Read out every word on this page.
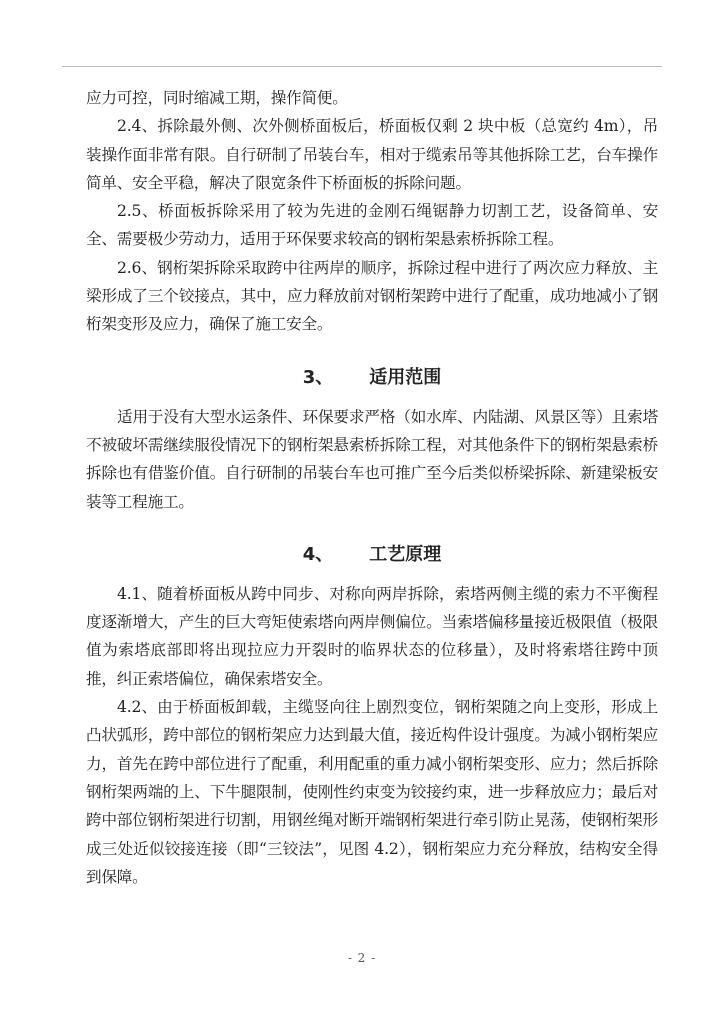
应力可控，同时缩减工期，操作简便。

2.4、拆除最外侧、次外侧桥面板后，桥面板仅剩 2 块中板（总宽约 4m），吊装操作面非常有限。自行研制了吊装台车，相对于缆索吊等其他拆除工艺，台车操作简单、安全平稳，解决了限宽条件下桥面板的拆除问题。

2.5、桥面板拆除采用了较为先进的金刚石绳锯静力切割工艺，设备简单、安全、需要极少劳动力，适用于环保要求较高的钢桁架悬索桥拆除工程。

2.6、钢桁架拆除采取跨中往两岸的顺序，拆除过程中进行了两次应力释放、主梁形成了三个铰接点，其中，应力释放前对钢桁架跨中进行了配重，成功地减小了钢桁架变形及应力，确保了施工安全。

3、 适用范围

适用于没有大型水运条件、环保要求严格（如水库、内陆湖、风景区等）且索塔不被破坏需继续服役情况下的钢桁架悬索桥拆除工程，对其他条件下的钢桁架悬索桥拆除也有借鉴价值。自行研制的吊装台车也可推广至今后类似桥梁拆除、新建梁板安装等工程施工。

4、 工艺原理

4.1、随着桥面板从跨中同步、对称向两岸拆除，索塔两侧主缆的索力不平衡程度逐渐增大，产生的巨大弯矩使索塔向两岸侧偏位。当索塔偏移量接近极限值（极限值为索塔底部即将出现拉应力开裂时的临界状态的位移量），及时将索塔往跨中顶推，纠正索塔偏位，确保索塔安全。

4.2、由于桥面板卸载，主缆竖向往上剧烈变位，钢桁架随之向上变形，形成上凸状弧形，跨中部位的钢桁架应力达到最大值，接近构件设计强度。为减小钢桁架应力，首先在跨中部位进行了配重，利用配重的重力减小钢桁架变形、应力；然后拆除钢桁架两端的上、下牛腿限制，使刚性约束变为铰接约束，进一步释放应力；最后对跨中部位钢桁架进行切割，用钢丝绳对断开端钢桁架进行牵引防止晃荡，使钢桁架形成三处近似铰接连接（即“三铰法”，见图 4.2），钢桁架应力充分释放，结构安全得到保障。

- 2 -
